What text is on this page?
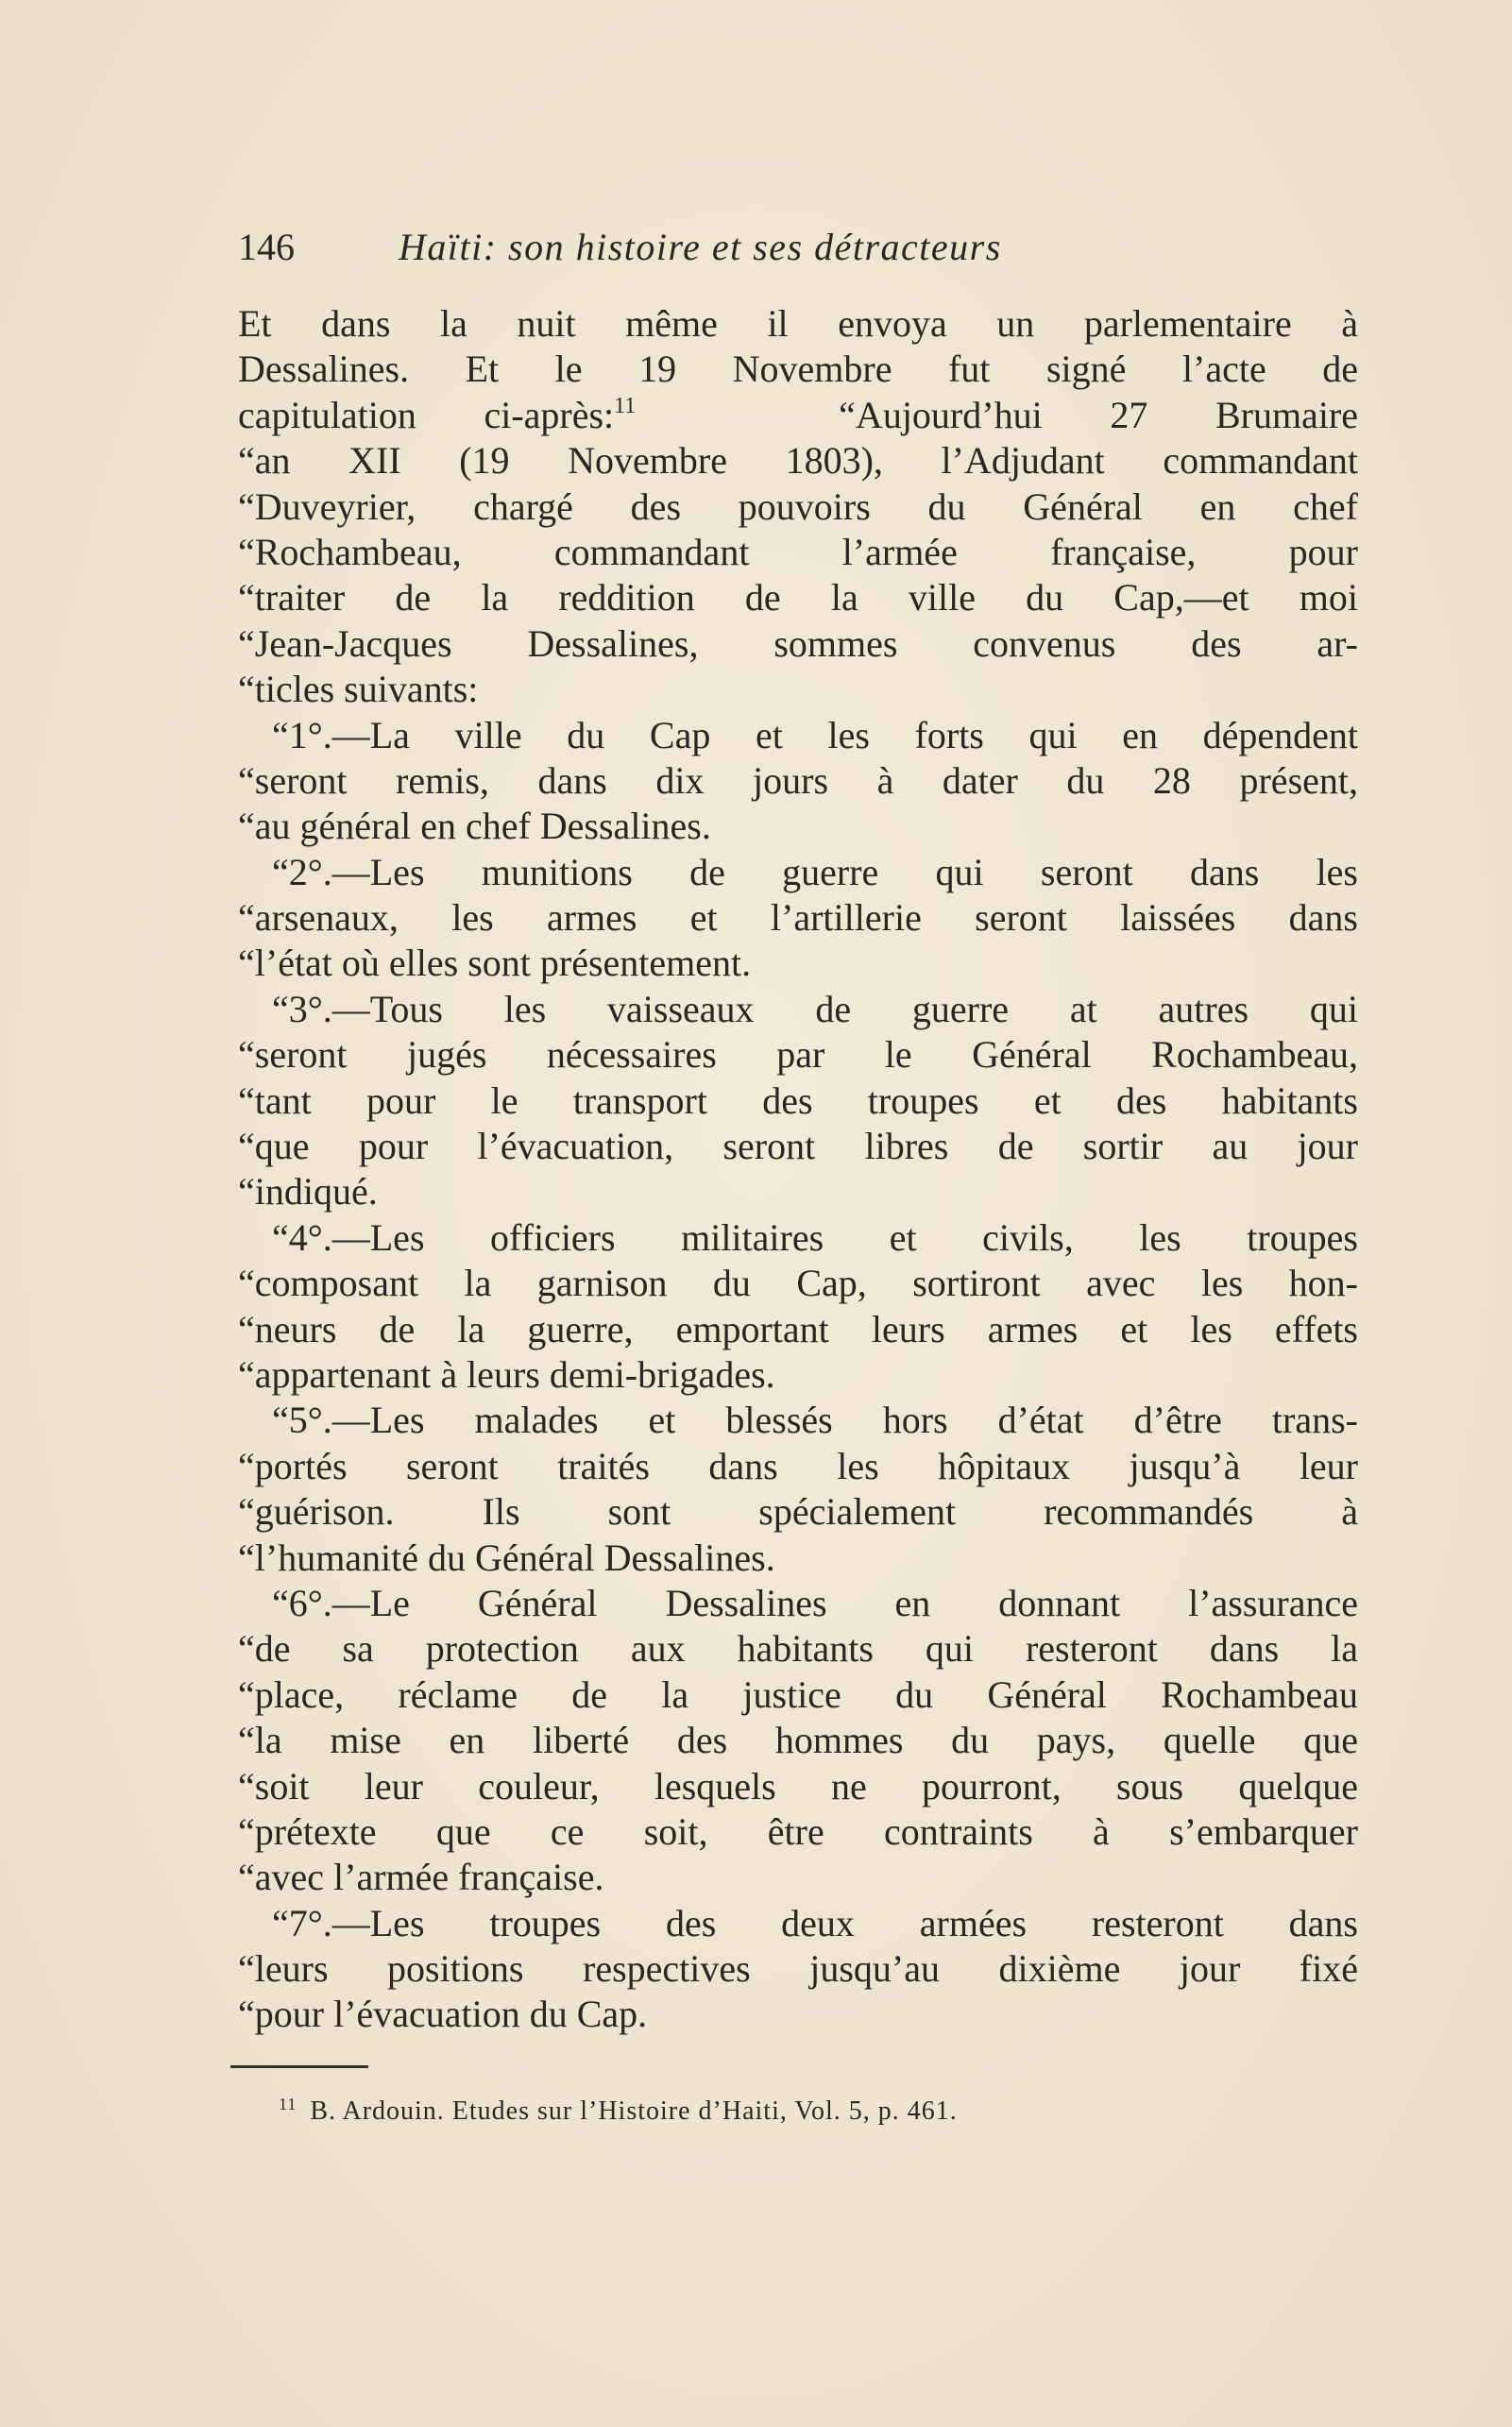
146	Haïti: son histoire et ses détracteurs
Et dans la nuit même il envoya un parlementaire à
Dessalines. Et le 19 Novembre fut signé l’acte de
capitulation ci-après:$^{11}$	“Aujourd’hui 27 Brumaire
“an XII (19 Novembre 1803), l’Adjudant commandant
“Duveyrier, chargé des pouvoirs du Général en chef
“Rochambeau, commandant l’armée française, pour
“traiter de la reddition de la ville du Cap,—et moi
“Jean-Jacques Dessalines, sommes convenus des ar-
“ticles suivants:
“1°.—La ville du Cap et les forts qui en dépendent
“seront remis, dans dix jours à dater du 28 présent,
“au général en chef Dessalines.
“2°.—Les munitions de guerre qui seront dans les
“arsenaux, les armes et l’artillerie seront laissées dans
“l’état où elles sont présentement.
“3°.—Tous les vaisseaux de guerre at autres qui
“seront jugés nécessaires par le Général Rochambeau,
“tant pour le transport des troupes et des habitants
“que pour l’évacuation, seront libres de sortir au jour
“indiqué.
“4°.—Les officiers militaires et civils, les troupes
“composant la garnison du Cap, sortiront avec les hon-
“neurs de la guerre, emportant leurs armes et les effets
“appartenant à leurs demi-brigades.
“5°.—Les malades et blessés hors d’état d’être trans-
“portés seront traités dans les hôpitaux jusqu’à leur
“guérison. Ils sont spécialement recommandés à
“l’humanité du Général Dessalines.
“6°.—Le Général Dessalines en donnant l’assurance
“de sa protection aux habitants qui resteront dans la
“place, réclame de la justice du Général Rochambeau
“la mise en liberté des hommes du pays, quelle que
“soit leur couleur, lesquels ne pourront, sous quelque
“prétexte que ce soit, être contraints à s’embarquer
“avec l’armée française.
“7°.—Les troupes des deux armées resteront dans
“leurs positions respectives jusqu’au dixième jour fixé
“pour l’évacuation du Cap.
$^{11}$ B. Ardouin. Etudes sur l’Histoire d’Haiti, Vol. 5, p. 461.
